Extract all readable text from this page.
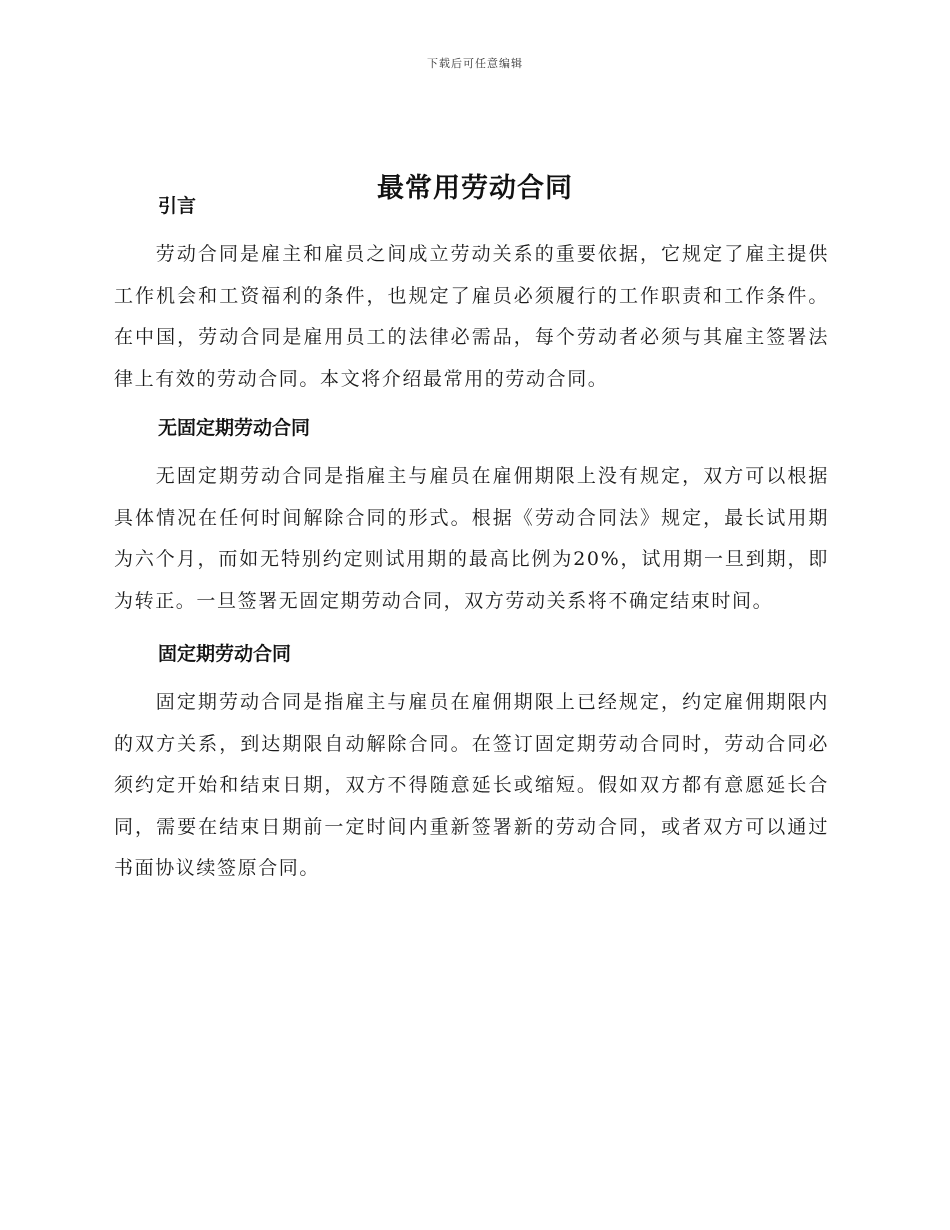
下载后可任意编辑
最常用劳动合同
引言

劳动合同是雇主和雇员之间成立劳动关系的重要依据，它规定了雇主提供工作机会和工资福利的条件，也规定了雇员必须履行的工作职责和工作条件。在中国，劳动合同是雇用员工的法律必需品，每个劳动者必须与其雇主签署法律上有效的劳动合同。本文将介绍最常用的劳动合同。

无固定期劳动合同

无固定期劳动合同是指雇主与雇员在雇佣期限上没有规定，双方可以根据具体情况在任何时间解除合同的形式。根据《劳动合同法》规定，最长试用期为六个月，而如无特别约定则试用期的最高比例为20%，试用期一旦到期，即为转正。一旦签署无固定期劳动合同，双方劳动关系将不确定结束时间。

固定期劳动合同

固定期劳动合同是指雇主与雇员在雇佣期限上已经规定，约定雇佣期限内的双方关系，到达期限自动解除合同。在签订固定期劳动合同时，劳动合同必须约定开始和结束日期，双方不得随意延长或缩短。假如双方都有意愿延长合同，需要在结束日期前一定时间内重新签署新的劳动合同，或者双方可以通过书面协议续签原合同。
